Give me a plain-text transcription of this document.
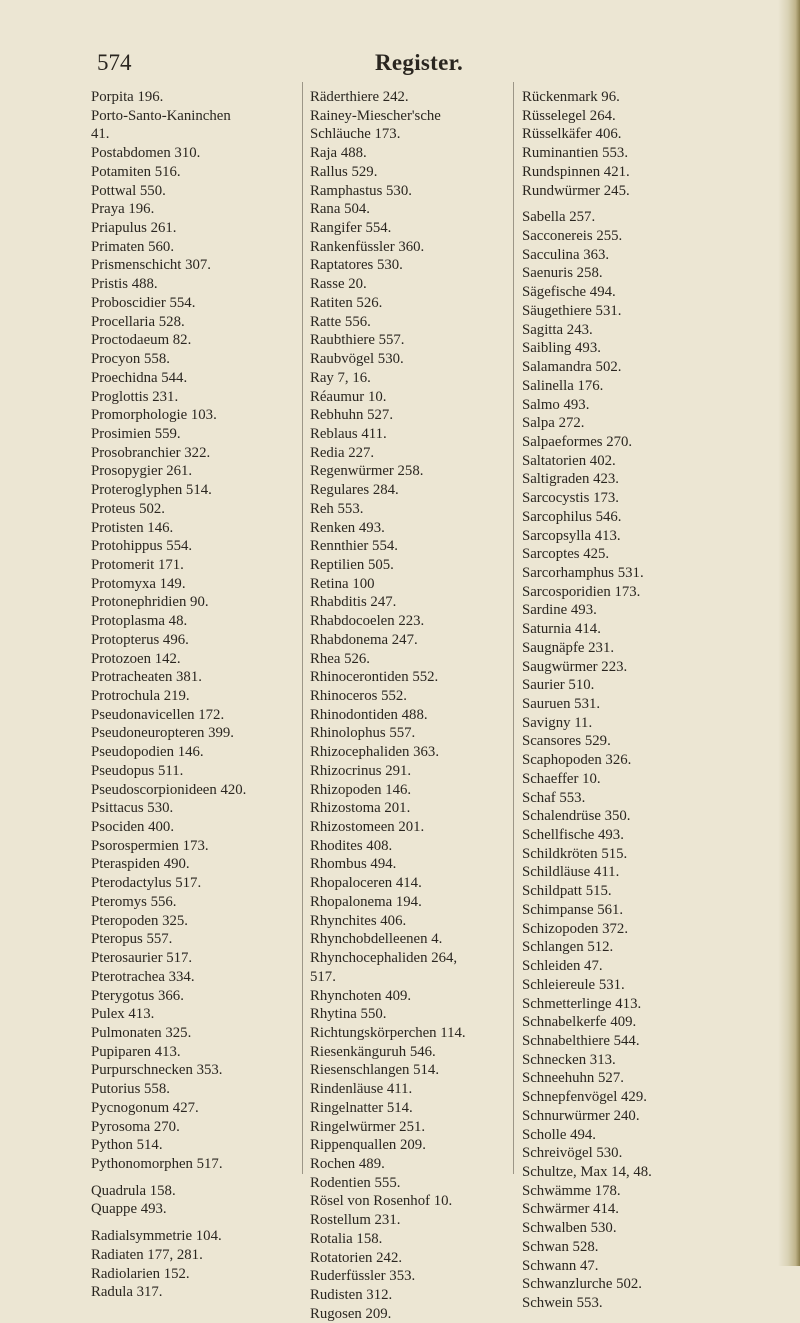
574	Register.
Porpita 196.
Porto-Santo-Kaninchen
41.
Postabdomen 310.
Potamiten 516.
Pottwal 550.
Praya 196.
Priapulus 261.
Primaten 560.
Prismenschicht 307.
Pristis 488.
Proboscidier 554.
Procellaria 528.
Proctodaeum 82.
Procyon 558.
Proechidna 544.
Proglottis 231.
Promorphologie 103.
Prosimien 559.
Prosobranchier 322.
Prosopygier 261.
Proteroglyphen 514.
Proteus 502.
Protisten 146.
Protohippus 554.
Protomerit 171.
Protomyxa 149.
Protonephridien 90.
Protoplasma 48.
Protopterus 496.
Protozoen 142.
Protracheaten 381.
Protrochula 219.
Pseudonavicellen 172.
Pseudoneuropteren 399.
Pseudopodien 146.
Pseudopus 511.
Pseudoscorpionideen 420.
Psittacus 530.
Psociden 400.
Psorospermien 173.
Pteraspiden 490.
Pterodactylus 517.
Pteromys 556.
Pteropoden 325.
Pteropus 557.
Pterosaurier 517.
Pterotrachea 334.
Pterygotus 366.
Pulex 413.
Pulmonaten 325.
Pupiparen 413.
Purpurschnecken 353.
Putorius 558.
Pycnogonum 427.
Pyrosoma 270.
Python 514.
Pythonomorphen 517.
Quadrula 158.
Quappe 493.
Radialsymmetrie 104.
Radiaten 177, 281.
Radiolarien 152.
Radula 317.
Räderthiere 242.
Rainey-Miescher'sche
Schläuche 173.
Raja 488.
Rallus 529.
Ramphastus 530.
Rana 504.
Rangifer 554.
Rankenfüssler 360.
Raptatores 530.
Rasse 20.
Ratiten 526.
Ratte 556.
Raubthiere 557.
Raubvögel 530.
Ray 7, 16.
Réaumur 10.
Rebhuhn 527.
Reblaus 411.
Redia 227.
Regenwürmer 258.
Regulares 284.
Reh 553.
Renken 493.
Rennthier 554.
Reptilien 505.
Retina 100
Rhabditis 247.
Rhabdocoelen 223.
Rhabdonema 247.
Rhea 526.
Rhinocerontiden 552.
Rhinoceros 552.
Rhinodontiden 488.
Rhinolophus 557.
Rhizocephaliden 363.
Rhizocrinus 291.
Rhizopoden 146.
Rhizostoma 201.
Rhizostomeen 201.
Rhodites 408.
Rhombus 494.
Rhopaloceren 414.
Rhopalonema 194.
Rhynchites 406.
Rhynchobdelleenen 4.
Rhynchocephaliden 264,
517.
Rhynchoten 409.
Rhytina 550.
Richtungskörperchen 114.
Riesenkänguruh 546.
Riesenschlangen 514.
Rindenläuse 411.
Ringelnatter 514.
Ringelwürmer 251.
Rippenquallen 209.
Rochen 489.
Rodentien 555.
Rösel von Rosenhof 10.
Rostellum 231.
Rotalia 158.
Rotatorien 242.
Ruderfüssler 353.
Rudisten 312.
Rugosen 209.
Rückenmark 96.
Rüsselegel 264.
Rüsselkäfer 406.
Ruminantien 553.
Rundspinnen 421.
Rundwürmer 245.
Sabella 257.
Sacconereis 255.
Sacculina 363.
Saenuris 258.
Sägefische 494.
Säugethiere 531.
Sagitta 243.
Saibling 493.
Salamandra 502.
Salinella 176.
Salmo 493.
Salpa 272.
Salpaeformes 270.
Saltatorien 402.
Saltigraden 423.
Sarcocystis 173.
Sarcophilus 546.
Sarcopsylla 413.
Sarcoptes 425.
Sarcorhamphus 531.
Sarcosporidien 173.
Sardine 493.
Saturnia 414.
Saugnäpfe 231.
Saugwürmer 223.
Saurier 510.
Sauruen 531.
Savigny 11.
Scansores 529.
Scaphopoden 326.
Schaeffer 10.
Schaf 553.
Schalendrüse 350.
Schellfische 493.
Schildkröten 515.
Schildläuse 411.
Schildpatt 515.
Schimpanse 561.
Schizopoden 372.
Schlangen 512.
Schleiden 47.
Schleiereule 531.
Schmetterlinge 413.
Schnabelkerfe 409.
Schnabelthiere 544.
Schnecken 313.
Schneehuhn 527.
Schnepfenvögel 429.
Schnurwürmer 240.
Scholle 494.
Schreivögel 530.
Schultze, Max 14, 48.
Schwämme 178.
Schwärmer 414.
Schwalben 530.
Schwan 528.
Schwann 47.
Schwanzlurche 502.
Schwein 553.
